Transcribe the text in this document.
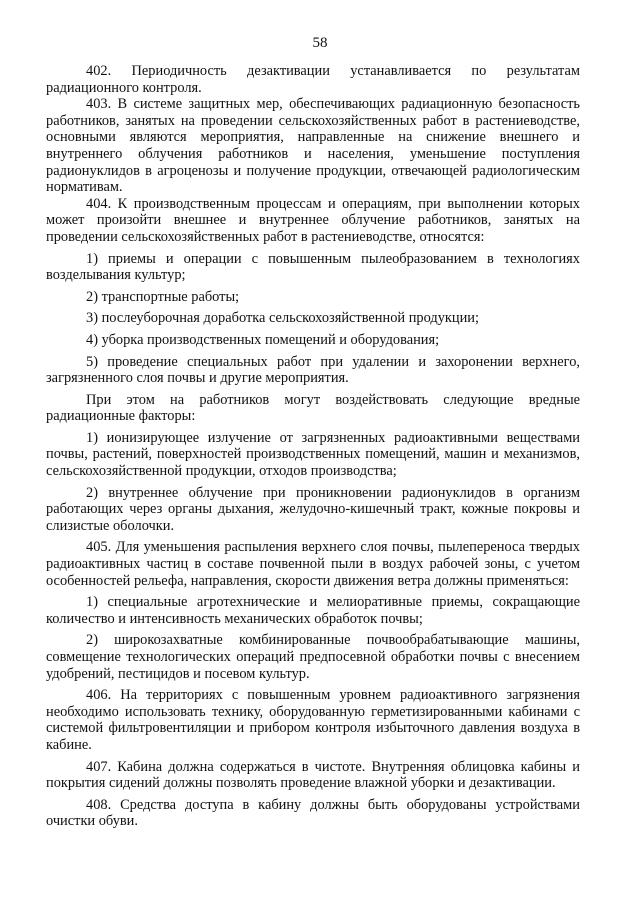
58

402. Периодичность дезактивации устанавливается по результатам радиационного контроля.

403. В системе защитных мер, обеспечивающих радиационную безопасность работников, занятых на проведении сельскохозяйственных работ в растениеводстве, основными являются мероприятия, направленные на снижение внешнего и внутреннего облучения работников и населения, уменьшение поступления радионуклидов в агроценозы и получение продукции, отвечающей радиологическим нормативам.

404. К производственным процессам и операциям, при выполнении которых может произойти внешнее и внутреннее облучение работников, занятых на проведении сельскохозяйственных работ в растениеводстве, относятся:

1) приемы и операции с повышенным пылеобразованием в технологиях возделывания культур;

2) транспортные работы;

3) послеуборочная доработка сельскохозяйственной продукции;

4) уборка производственных помещений и оборудования;

5) проведение специальных работ при удалении и захоронении верхнего, загрязненного слоя почвы и другие мероприятия.

При этом на работников могут воздействовать следующие вредные радиационные факторы:

1) ионизирующее излучение от загрязненных радиоактивными веществами почвы, растений, поверхностей производственных помещений, машин и механизмов, сельскохозяйственной продукции, отходов производства;

2) внутреннее облучение при проникновении радионуклидов в организм работающих через органы дыхания, желудочно-кишечный тракт, кожные покровы и слизистые оболочки.

405. Для уменьшения распыления верхнего слоя почвы, пылепереноса твердых радиоактивных частиц в составе почвенной пыли в воздух рабочей зоны, с учетом особенностей рельефа, направления, скорости движения ветра должны применяться:

1) специальные агротехнические и мелиоративные приемы, сокращающие количество и интенсивность механических обработок почвы;

2) широкозахватные комбинированные почвообрабатывающие машины, совмещение технологических операций предпосевной обработки почвы с внесением удобрений, пестицидов и посевом культур.

406. На территориях с повышенным уровнем радиоактивного загрязнения необходимо использовать технику, оборудованную герметизированными кабинами с системой фильтровентиляции и прибором контроля избыточного давления воздуха в кабине.

407. Кабина должна содержаться в чистоте. Внутренняя облицовка кабины и покрытия сидений должны позволять проведение влажной уборки и дезактивации.

408. Средства доступа в кабину должны быть оборудованы устройствами очистки обуви.
